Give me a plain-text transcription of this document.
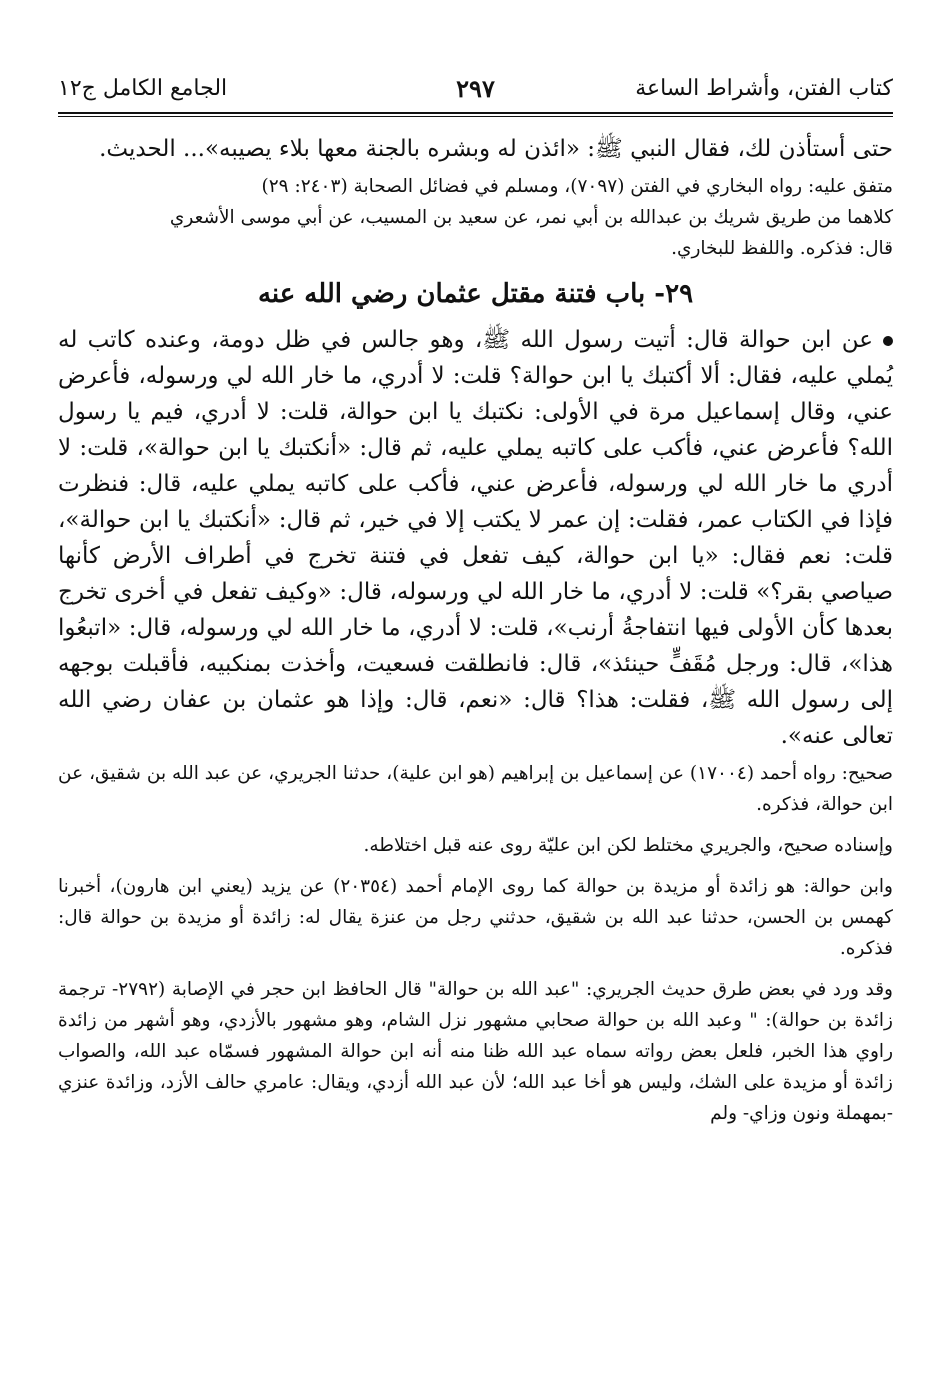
كتاب الفتن، وأشراط الساعة
٢٩٧
الجامع الكامل ج١٢

حتى أستأذن لك، فقال النبي ﷺ: «ائذن له وبشره بالجنة معها بلاء يصيبه»... الحديث.

متفق عليه: رواه البخاري في الفتن (٧٠٩٧)، ومسلم في فضائل الصحابة (٢٤٠٣: ٢٩)

كلاهما من طريق شريك بن عبدالله بن أبي نمر، عن سعيد بن المسيب، عن أبي موسى الأشعري

قال: فذكره. واللفظ للبخاري.

٢٩- باب فتنة مقتل عثمان رضي الله عنه

عن ابن حوالة قال: أتيت رسول الله ﷺ، وهو جالس في ظل دومة، وعنده كاتب له يُملي عليه، فقال: ألا أكتبك يا ابن حوالة؟ قلت: لا أدري، ما خار الله لي ورسوله، فأعرض عني، وقال إسماعيل مرة في الأولى: نكتبك يا ابن حوالة، قلت: لا أدري، فيم يا رسول الله؟ فأعرض عني، فأكب على كاتبه يملي عليه، ثم قال: «أنكتبك يا ابن حوالة»، قلت: لا أدري ما خار الله لي ورسوله، فأعرض عني، فأكب على كاتبه يملي عليه، قال: فنظرت فإذا في الكتاب عمر، فقلت: إن عمر لا يكتب إلا في خير، ثم قال: «أنكتبك يا ابن حوالة»، قلت: نعم فقال: «يا ابن حوالة، كيف تفعل في فتنة تخرج في أطراف الأرض كأنها صياصي بقر؟» قلت: لا أدري، ما خار الله لي ورسوله، قال: «وكيف تفعل في أخرى تخرج بعدها كأن الأولى فيها انتفاجةُ أرنب»، قلت: لا أدري، ما خار الله لي ورسوله، قال: «اتبعُوا هذا»، قال: ورجل مُقَفٍّ حينئذ»، قال: فانطلقت فسعيت، وأخذت بمنكبيه، فأقبلت بوجهه إلى رسول الله ﷺ، فقلت: هذا؟ قال: «نعم، قال: وإذا هو عثمان بن عفان رضي الله تعالى عنه».

صحيح: رواه أحمد (١٧٠٠٤) عن إسماعيل بن إبراهيم (هو ابن علية)، حدثنا الجريري، عن عبد الله بن شقيق، عن ابن حوالة، فذكره.

وإسناده صحيح، والجريري مختلط لكن ابن عليّة روى عنه قبل اختلاطه.

وابن حوالة: هو زائدة أو مزيدة بن حوالة كما روى الإمام أحمد (٢٠٣٥٤) عن يزيد (يعني ابن هارون)، أخبرنا كهمس بن الحسن، حدثنا عبد الله بن شقيق، حدثني رجل من عنزة يقال له: زائدة أو مزيدة بن حوالة قال: فذكره.

وقد ورد في بعض طرق حديث الجريري: "عبد الله بن حوالة" قال الحافظ ابن حجر في الإصابة (٢٧٩٢- ترجمة زائدة بن حوالة): " وعبد الله بن حوالة صحابي مشهور نزل الشام، وهو مشهور بالأزدي، وهو أشهر من زائدة راوي هذا الخبر، فلعل بعض رواته سماه عبد الله ظنا منه أنه ابن حوالة المشهور فسمّاه عبد الله، والصواب زائدة أو مزيدة على الشك، وليس هو أخا عبد الله؛ لأن عبد الله أزدي، ويقال: عامري حالف الأزد، وزائدة عنزي -بمهملة ونون وزاي- ولم
